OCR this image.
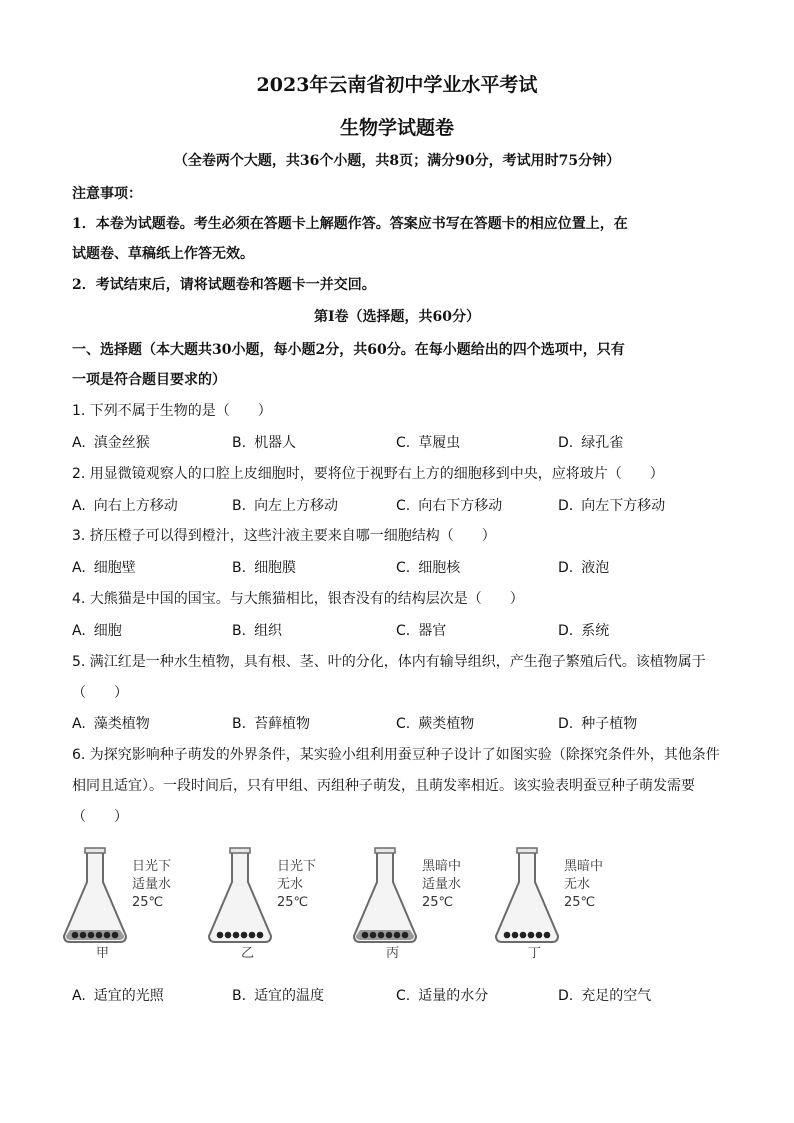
2023年云南省初中学业水平考试
生物学试题卷
（全卷两个大题，共36个小题，共8页；满分90分，考试用时75分钟）
注意事项：
1．本卷为试题卷。考生必须在答题卡上解题作答。答案应书写在答题卡的相应位置上，在
试题卷、草稿纸上作答无效。
2．考试结束后，请将试题卷和答题卡一并交回。
第Ⅰ卷（选择题，共60分）
一、选择题（本大题共30小题，每小题2分，共60分。在每小题给出的四个选项中，只有
一项是符合题目要求的）
1. 下列不属于生物的是（　　）
A. 滇金丝猴	B. 机器人	C. 草履虫	D. 绿孔雀
2. 用显微镜观察人的口腔上皮细胞时，要将位于视野右上方的细胞移到中央，应将玻片（　　）
A. 向右上方移动	B. 向左上方移动	C. 向右下方移动	D. 向左下方移动
3. 挤压橙子可以得到橙汁，这些汁液主要来自哪一细胞结构（　　）
A. 细胞壁	B. 细胞膜	C. 细胞核	D. 液泡
4. 大熊猫是中国的国宝。与大熊猫相比，银杏没有的结构层次是（　　）
A. 细胞	B. 组织	C. 器官	D. 系统
5. 满江红是一种水生植物，具有根、茎、叶的分化，体内有输导组织，产生孢子繁殖后代。该植物属于
（　　）
A. 藻类植物	B. 苔藓植物	C. 蕨类植物	D. 种子植物
6. 为探究影响种子萌发的外界条件，某实验小组利用蚕豆种子设计了如图实验（除探究条件外，其他条件
相同且适宜）。一段时间后，只有甲组、丙组种子萌发，且萌发率相近。该实验表明蚕豆种子萌发需要
（　　）
日光下
适量水
25℃
甲
日光下
无水
25℃
乙
黑暗中
适量水
25℃
丙
黑暗中
无水
25℃
丁
A. 适宜的光照	B. 适宜的温度	C. 适量的水分	D. 充足的空气
